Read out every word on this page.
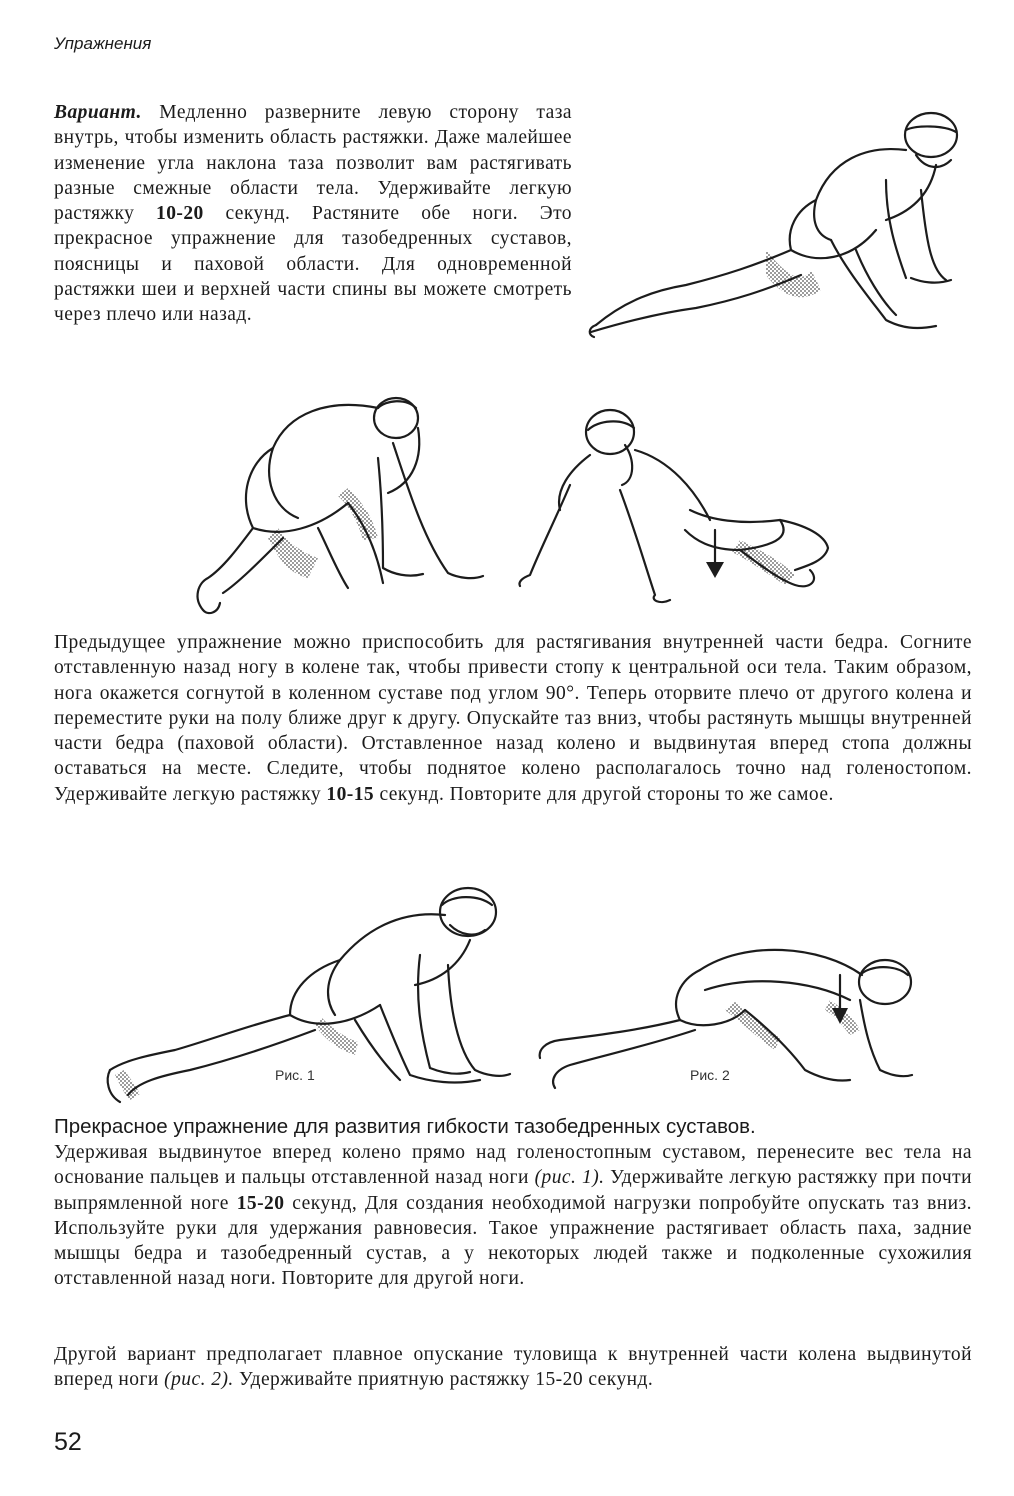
Упражнения

Вариант. Медленно разверните левую сторону таза внутрь, чтобы изменить область растяжки. Даже малейшее изменение угла наклона таза позволит вам растягивать разные смежные области тела. Удерживайте легкую растяжку 10-20 секунд. Растяните обе ноги. Это прекрасное упражнение для тазобедренных суставов, поясницы и паховой области. Для одновременной растяжки шеи и верхней части спины вы можете смотреть через плечо или назад.

Предыдущее упражнение можно приспособить для растягивания внутренней части бедра. Согните отставленную назад ногу в колене так, чтобы привести стопу к центральной оси тела. Таким образом, нога окажется согнутой в коленном суставе под углом 90°. Теперь оторвите плечо от другого колена и переместите руки на полу ближе друг к другу. Опускайте таз вниз, чтобы растянуть мышцы внутренней части бедра (паховой области). Отставленное назад колено и выдвинутая вперед стопа должны оставаться на месте. Следите, чтобы поднятое колено располагалось точно над голеностопом. Удерживайте легкую растяжку 10-15 секунд. Повторите для другой стороны то же самое.

Рис. 1	Рис. 2

Прекрасное упражнение для развития гибкости тазобедренных суставов.

Удерживая выдвинутое вперед колено прямо над голеностопным суставом, перенесите вес тела на основание пальцев и пальцы отставленной назад ноги (рис. 1). Удерживайте легкую растяжку при почти выпрямленной ноге 15-20 секунд, Для создания необходимой нагрузки попробуйте опускать таз вниз. Используйте руки для удержания равновесия. Такое упражнение растягивает область паха, задние мышцы бедра и тазобедренный сустав, а у некоторых людей также и подколенные сухожилия отставленной назад ноги. Повторите для другой ноги.

Другой вариант предполагает плавное опускание туловища к внутренней части колена выдвинутой вперед ноги (рис. 2). Удерживайте приятную растяжку 15-20 секунд.

52
